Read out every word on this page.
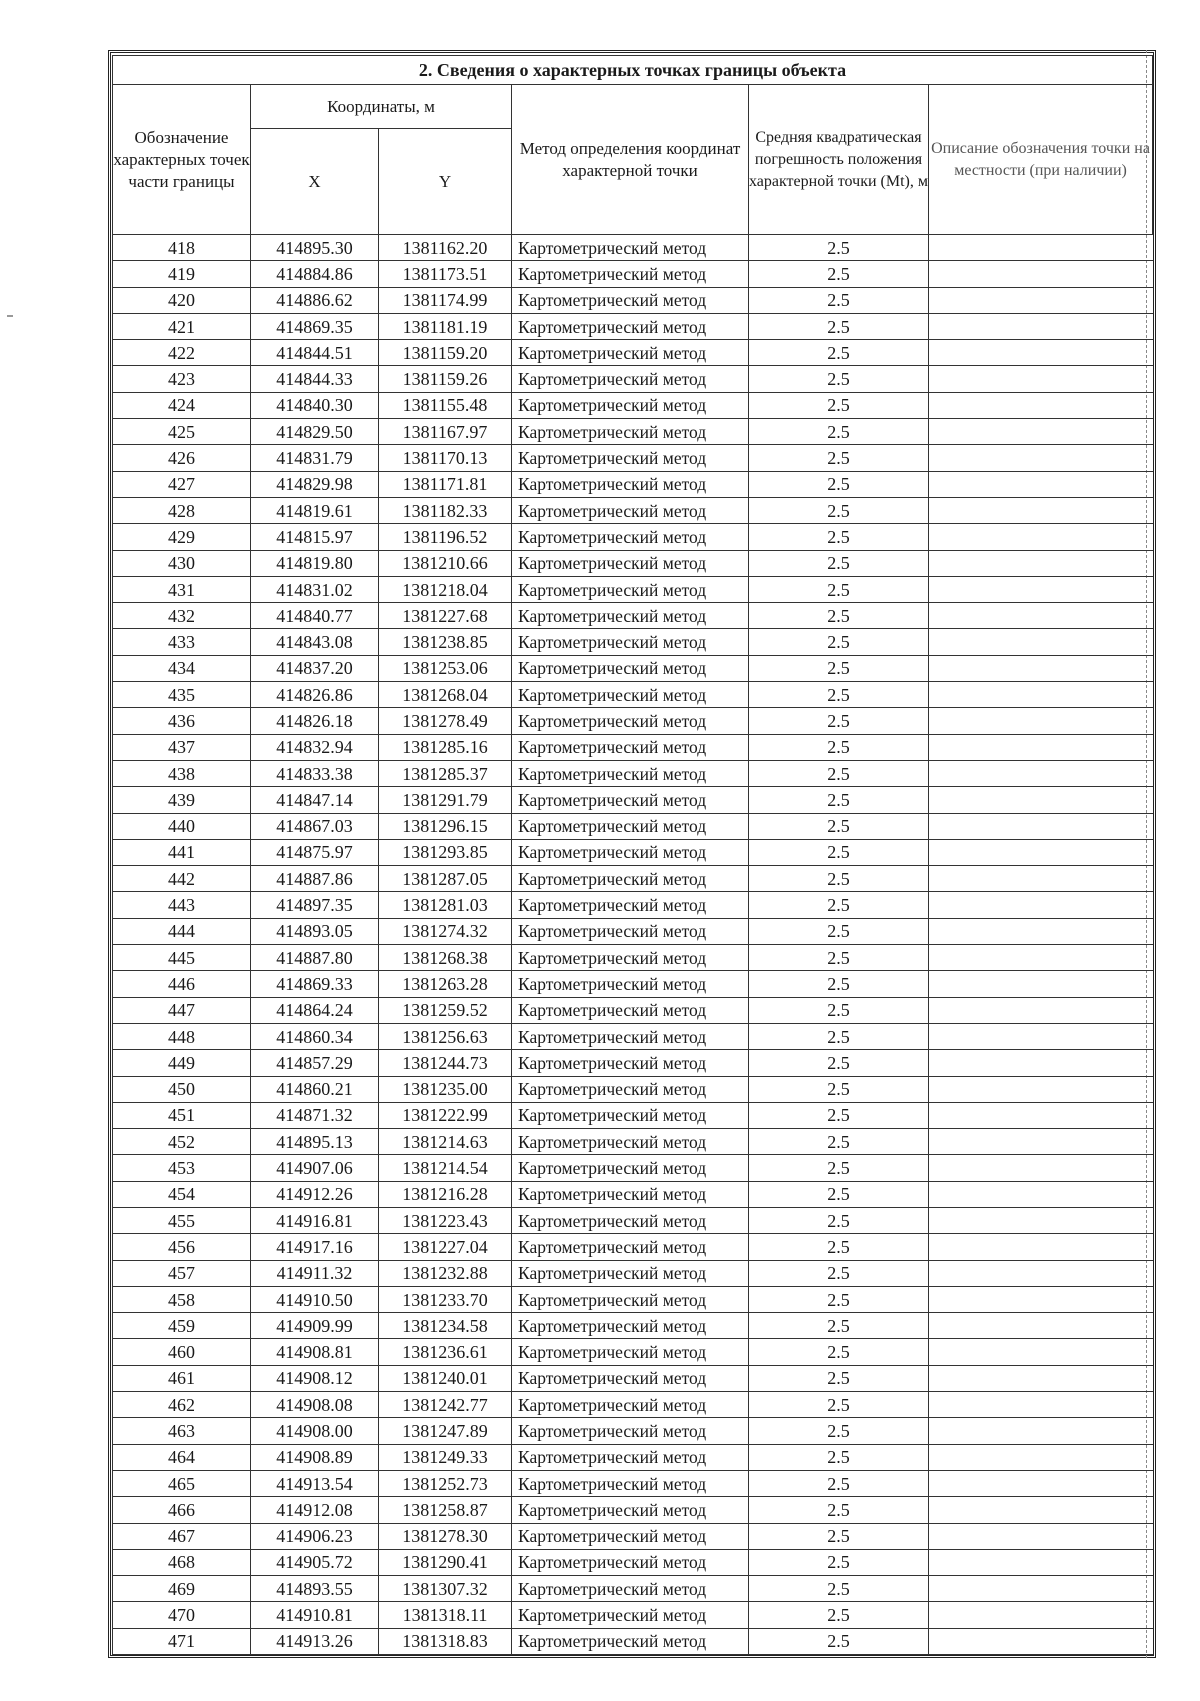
2. Сведения о характерных точках границы объекта					
Обозначение характерных точек части границы	Координаты, м		Метод определения координат характерной точки	Средняя квадратическая погрешность положения характерной точки (Mt), м	Описание обозначения точки на местности (при наличии)
	X	Y			
418	414895.30	1381162.20	Картометрический метод	2.5	
419	414884.86	1381173.51	Картометрический метод	2.5	
420	414886.62	1381174.99	Картометрический метод	2.5	
421	414869.35	1381181.19	Картометрический метод	2.5	
422	414844.51	1381159.20	Картометрический метод	2.5	
423	414844.33	1381159.26	Картометрический метод	2.5	
424	414840.30	1381155.48	Картометрический метод	2.5	
425	414829.50	1381167.97	Картометрический метод	2.5	
426	414831.79	1381170.13	Картометрический метод	2.5	
427	414829.98	1381171.81	Картометрический метод	2.5	
428	414819.61	1381182.33	Картометрический метод	2.5	
429	414815.97	1381196.52	Картометрический метод	2.5	
430	414819.80	1381210.66	Картометрический метод	2.5	
431	414831.02	1381218.04	Картометрический метод	2.5	
432	414840.77	1381227.68	Картометрический метод	2.5	
433	414843.08	1381238.85	Картометрический метод	2.5	
434	414837.20	1381253.06	Картометрический метод	2.5	
435	414826.86	1381268.04	Картометрический метод	2.5	
436	414826.18	1381278.49	Картометрический метод	2.5	
437	414832.94	1381285.16	Картометрический метод	2.5	
438	414833.38	1381285.37	Картометрический метод	2.5	
439	414847.14	1381291.79	Картометрический метод	2.5	
440	414867.03	1381296.15	Картометрический метод	2.5	
441	414875.97	1381293.85	Картометрический метод	2.5	
442	414887.86	1381287.05	Картометрический метод	2.5	
443	414897.35	1381281.03	Картометрический метод	2.5	
444	414893.05	1381274.32	Картометрический метод	2.5	
445	414887.80	1381268.38	Картометрический метод	2.5	
446	414869.33	1381263.28	Картометрический метод	2.5	
447	414864.24	1381259.52	Картометрический метод	2.5	
448	414860.34	1381256.63	Картометрический метод	2.5	
449	414857.29	1381244.73	Картометрический метод	2.5	
450	414860.21	1381235.00	Картометрический метод	2.5	
451	414871.32	1381222.99	Картометрический метод	2.5	
452	414895.13	1381214.63	Картометрический метод	2.5	
453	414907.06	1381214.54	Картометрический метод	2.5	
454	414912.26	1381216.28	Картометрический метод	2.5	
455	414916.81	1381223.43	Картометрический метод	2.5	
456	414917.16	1381227.04	Картометрический метод	2.5	
457	414911.32	1381232.88	Картометрический метод	2.5	
458	414910.50	1381233.70	Картометрический метод	2.5	
459	414909.99	1381234.58	Картометрический метод	2.5	
460	414908.81	1381236.61	Картометрический метод	2.5	
461	414908.12	1381240.01	Картометрический метод	2.5	
462	414908.08	1381242.77	Картометрический метод	2.5	
463	414908.00	1381247.89	Картометрический метод	2.5	
464	414908.89	1381249.33	Картометрический метод	2.5	
465	414913.54	1381252.73	Картометрический метод	2.5	
466	414912.08	1381258.87	Картометрический метод	2.5	
467	414906.23	1381278.30	Картометрический метод	2.5	
468	414905.72	1381290.41	Картометрический метод	2.5	
469	414893.55	1381307.32	Картометрический метод	2.5	
470	414910.81	1381318.11	Картометрический метод	2.5	
471	414913.26	1381318.83	Картометрический метод	2.5	
